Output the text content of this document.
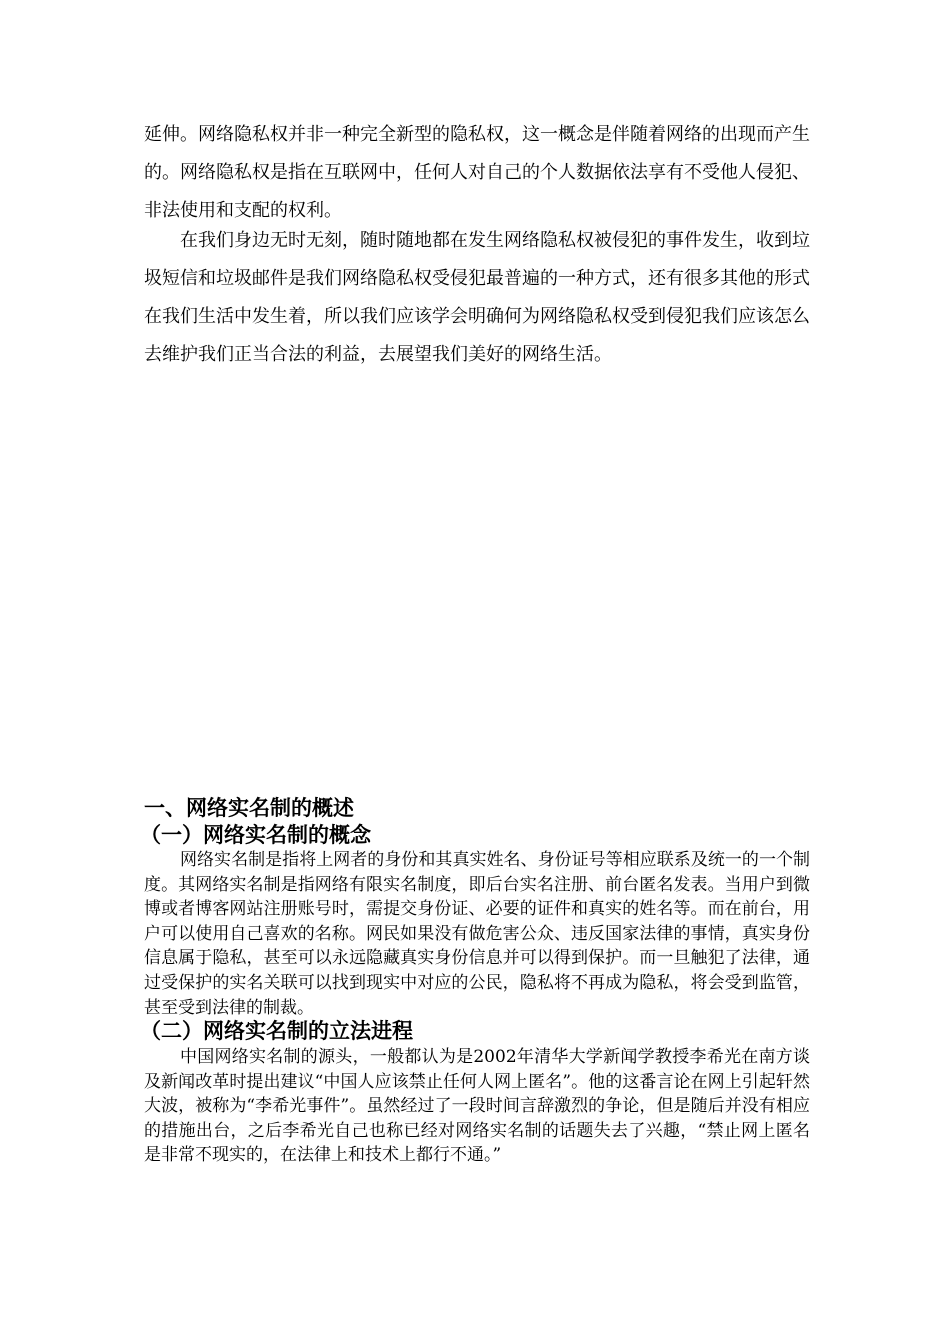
延伸。网络隐私权并非一种完全新型的隐私权，这一概念是伴随着网络的出现而产生的。网络隐私权是指在互联网中，任何人对自己的个人数据依法享有不受他人侵犯、非法使用和支配的权利。

在我们身边无时无刻，随时随地都在发生网络隐私权被侵犯的事件发生，收到垃圾短信和垃圾邮件是我们网络隐私权受侵犯最普遍的一种方式，还有很多其他的形式在我们生活中发生着，所以我们应该学会明确何为网络隐私权受到侵犯我们应该怎么去维护我们正当合法的利益，去展望我们美好的网络生活。

一、网络实名制的概述
（一）网络实名制的概念

网络实名制是指将上网者的身份和其真实姓名、身份证号等相应联系及统一的一个制度。其网络实名制是指网络有限实名制度，即后台实名注册、前台匿名发表。当用户到微博或者博客网站注册账号时，需提交身份证、必要的证件和真实的姓名等。而在前台，用户可以使用自己喜欢的名称。网民如果没有做危害公众、违反国家法律的事情，真实身份信息属于隐私，甚至可以永远隐藏真实身份信息并可以得到保护。而一旦触犯了法律，通过受保护的实名关联可以找到现实中对应的公民，隐私将不再成为隐私，将会受到监管，甚至受到法律的制裁。

（二）网络实名制的立法进程

中国网络实名制的源头，一般都认为是2002年清华大学新闻学教授李希光在南方谈及新闻改革时提出建议“中国人应该禁止任何人网上匿名”。他的这番言论在网上引起轩然大波，被称为“李希光事件”。虽然经过了一段时间言辞激烈的争论，但是随后并没有相应的措施出台，之后李希光自己也称已经对网络实名制的话题失去了兴趣，“禁止网上匿名是非常不现实的，在法律上和技术上都行不通。”
